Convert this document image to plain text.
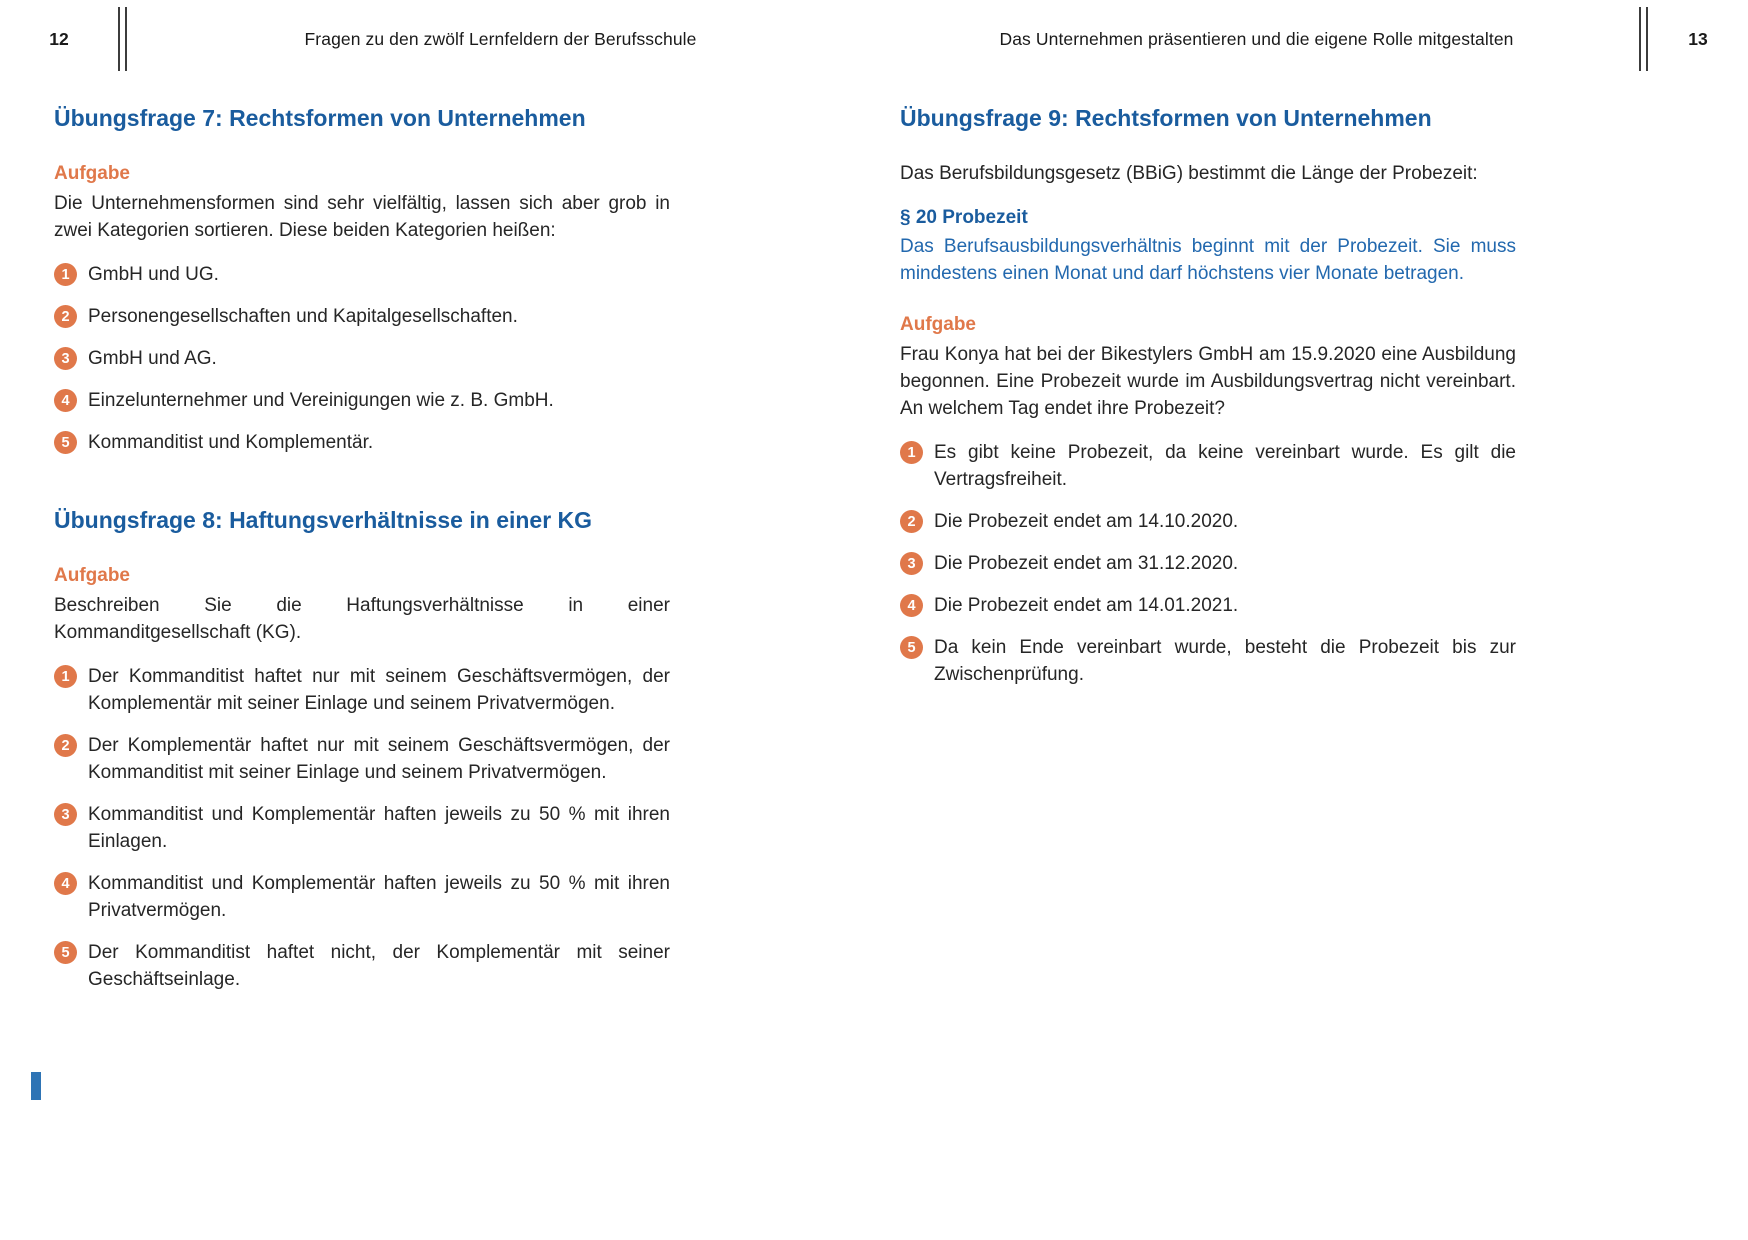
12	Fragen zu den zwölf Lernfeldern der Berufsschule
Übungsfrage 7: Rechtsformen von Unternehmen

Aufgabe

Die Unternehmensformen sind sehr vielfältig, lassen sich aber grob in zwei Kategorien sortieren. Diese beiden Kategorien heißen:

1 GmbH und UG.
2 Personengesellschaften und Kapitalgesellschaften.
3 GmbH und AG.
4 Einzelunternehmer und Vereinigungen wie z. B. GmbH.
5 Kommanditist und Komplementär.
Übungsfrage 8: Haftungsverhältnisse in einer KG

Aufgabe

Beschreiben Sie die Haftungsverhältnisse in einer Kommanditgesellschaft (KG).

1 Der Kommanditist haftet nur mit seinem Geschäftsvermögen, der Komplementär mit seiner Einlage und seinem Privatvermögen.
2 Der Komplementär haftet nur mit seinem Geschäftsvermögen, der Kommanditist mit seiner Einlage und seinem Privatvermögen.
3 Kommanditist und Komplementär haften jeweils zu 50 % mit ihren Einlagen.
4 Kommanditist und Komplementär haften jeweils zu 50 % mit ihren Privatvermögen.
5 Der Kommanditist haftet nicht, der Komplementär mit seiner Geschäftseinlage.
Das Unternehmen präsentieren und die eigene Rolle mitgestalten	13
Übungsfrage 9: Rechtsformen von Unternehmen

Das Berufsbildungsgesetz (BBiG) bestimmt die Länge der Probezeit:

§ 20 Probezeit

Das Berufsausbildungsverhältnis beginnt mit der Probezeit. Sie muss mindestens einen Monat und darf höchstens vier Monate betragen.

Aufgabe

Frau Konya hat bei der Bikestylers GmbH am 15.9.2020 eine Ausbildung begonnen. Eine Probezeit wurde im Ausbildungsvertrag nicht vereinbart. An welchem Tag endet ihre Probezeit?

1 Es gibt keine Probezeit, da keine vereinbart wurde. Es gilt die Vertragsfreiheit.
2 Die Probezeit endet am 14.10.2020.
3 Die Probezeit endet am 31.12.2020.
4 Die Probezeit endet am 14.01.2021.
5 Da kein Ende vereinbart wurde, besteht die Probezeit bis zur Zwischenprüfung.
